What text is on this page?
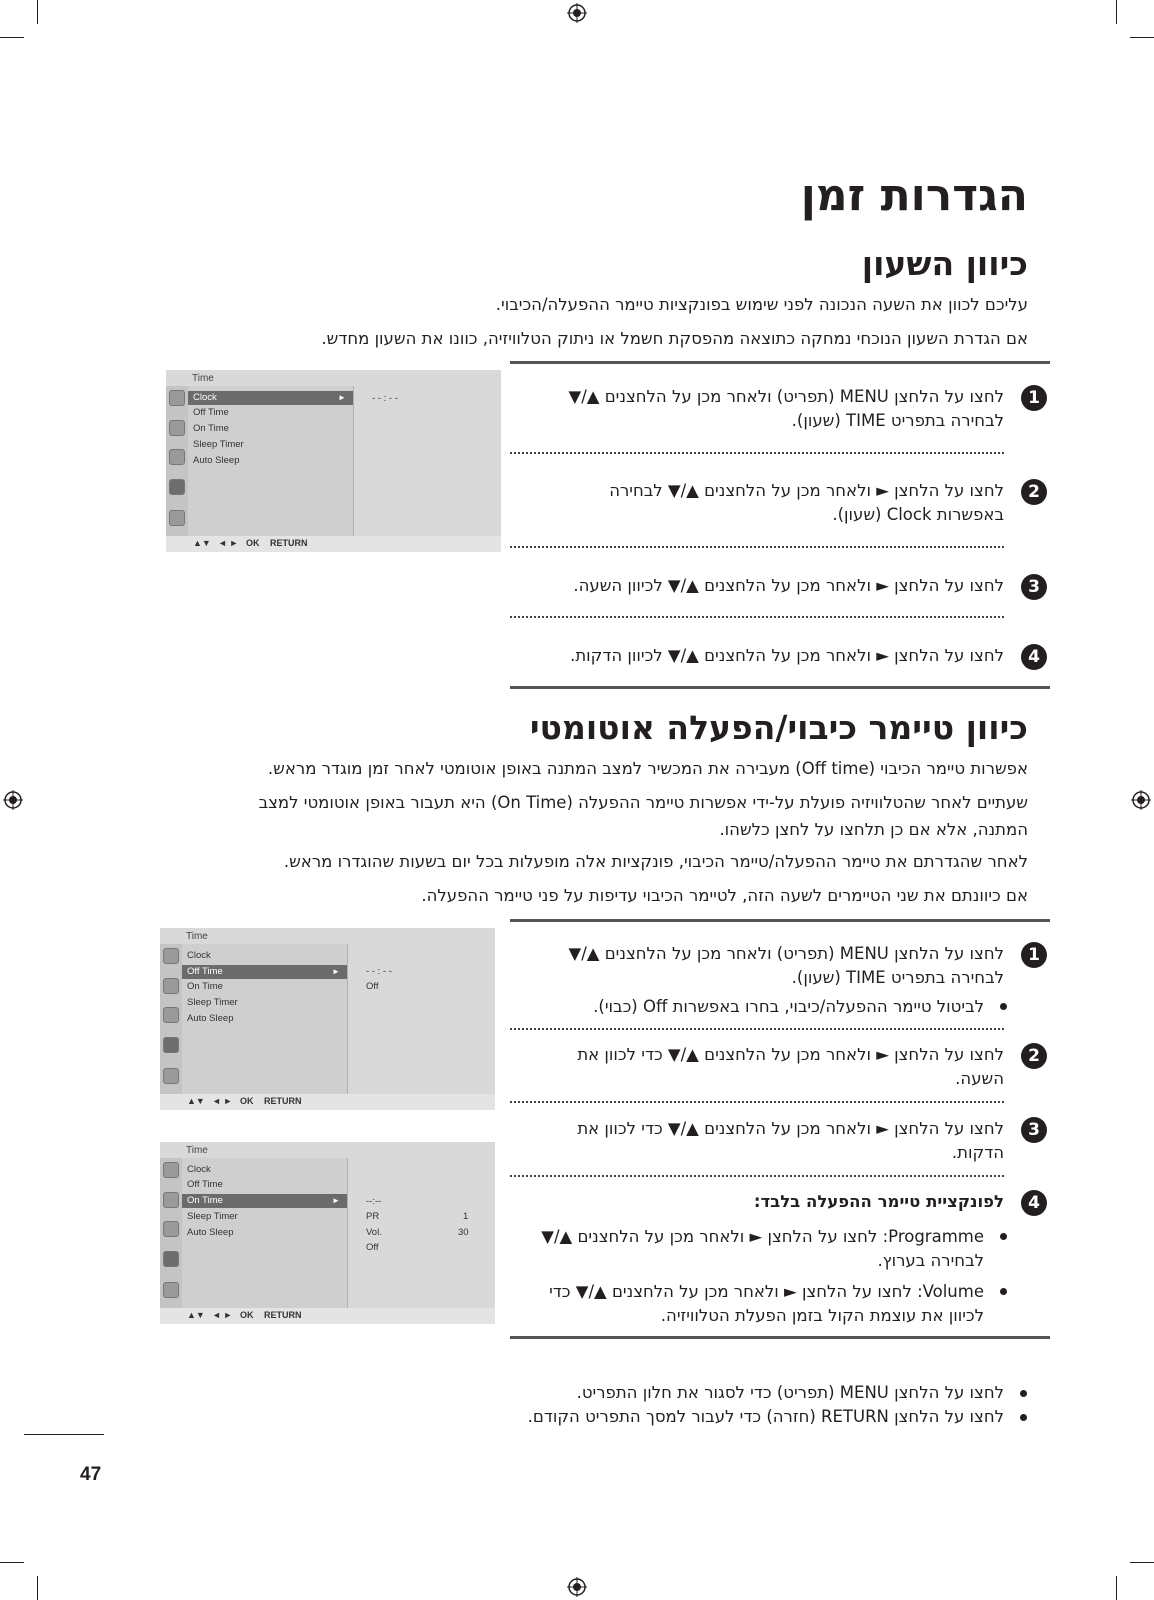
הגדרות זמן
כיוון השעון
עליכם לכוון את השעה הנכונה לפני שימוש בפונקציות טיימר ההפעלה/הכיבוי.
אם הגדרת השעון הנוכחי נמחקה כתוצאה מהפסקת חשמל או ניתוק הטלוויזיה, כוונו את השעון מחדש.
1
לחצו על הלחצן MENU (תפריט) ולאחר מכן על הלחצנים ▲/▼
לבחירה בתפריט TIME (שעון).
2
לחצו על הלחצן ► ולאחר מכן על הלחצנים ▲/▼ לבחירה
באפשרות Clock (שעון).
3
לחצו על הלחצן ► ולאחר מכן על הלחצנים ▲/▼ לכיוון השעה.
4
לחצו על הלחצן ► ולאחר מכן על הלחצנים ▲/▼ לכיוון הדקות.
Time
Clock	►
Off Time
On Time
Sleep Timer
Auto Sleep
- - : - -
▲▼ ◄ ► OK RETURN
כיוון טיימר כיבוי/הפעלה אוטומטי
אפשרות טיימר הכיבוי (Off time) מעבירה את המכשיר למצב המתנה באופן אוטומטי לאחר זמן מוגדר מראש.
שעתיים לאחר שהטלוויזיה פועלת על-ידי אפשרות טיימר ההפעלה (On Time) היא תעבור באופן אוטומטי למצב
המתנה, אלא אם כן תלחצו על לחצן כלשהו.
לאחר שהגדרתם את טיימר ההפעלה/טיימר הכיבוי, פונקציות אלה מופעלות בכל יום בשעות שהוגדרו מראש.
אם כיוונתם את שני הטיימרים לשעה הזה, לטיימר הכיבוי עדיפות על פני טיימר ההפעלה.
1
לחצו על הלחצן MENU (תפריט) ולאחר מכן על הלחצנים ▲/▼
לבחירה בתפריט TIME (שעון).
לביטול טיימר ההפעלה/כיבוי, בחרו באפשרות Off (כבוי).
2
לחצו על הלחצן ► ולאחר מכן על הלחצנים ▲/▼ כדי לכוון את
השעה.
3
לחצו על הלחצן ► ולאחר מכן על הלחצנים ▲/▼ כדי לכוון את
הדקות.
4
לפונקציית טיימר ההפעלה בלבד:
Programme: לחצו על הלחצן ► ולאחר מכן על הלחצנים ▲/▼
לבחירה בערוץ.
Volume: לחצו על הלחצן ► ולאחר מכן על הלחצנים ▲/▼ כדי
לכיוון את עוצמת הקול בזמן הפעלת הטלוויזיה.
Time
Clock
Off Time	►
On Time
Sleep Timer
Auto Sleep
- - : - -
Off
▲▼ ◄ ► OK RETURN
Time
Clock
Off Time
On Time	►
Sleep Timer
Auto Sleep
--:--
PR	1
Vol.	30
Off
▲▼ ◄ ► OK RETURN
לחצו על הלחצן MENU (תפריט) כדי לסגור את חלון התפריט.
לחצו על הלחצן RETURN (חזרה) כדי לעבור למסך התפריט הקודם.
47
